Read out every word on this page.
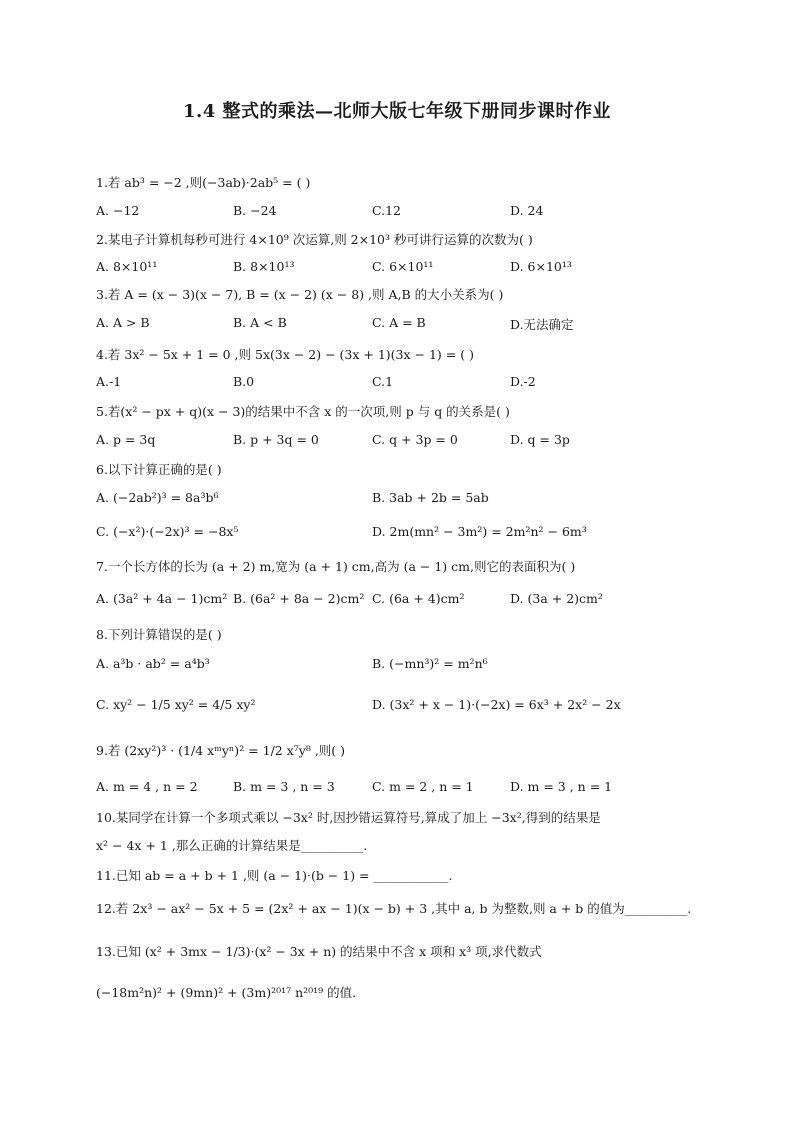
1.4 整式的乘法—北师大版七年级下册同步课时作业
1.若 ab³ = −2 ,则(−3ab)·2ab⁵ = ( )
A. −12	B. −24	C.12	D. 24
2.某电子计算机每秒可进行 4×10⁹ 次运算,则 2×10³ 秒可讲行运算的次数为( )
A. 8×10¹¹	B. 8×10¹³	C. 6×10¹¹	D. 6×10¹³
3.若 A = (x − 3)(x − 7), B = (x − 2) (x − 8) ,则 A,B 的大小关系为( )
A. A > B	B. A < B	C. A = B	D.无法确定
4.若 3x² − 5x + 1 = 0 ,则 5x(3x − 2) − (3x + 1)(3x − 1) = ( )
A.-1	B.0	C.1	D.-2
5.若(x² − px + q)(x − 3)的结果中不含 x 的一次项,则 p 与 q 的关系是( )
A. p = 3q	B. p + 3q = 0	C. q + 3p = 0	D. q = 3p
6.以下计算正确的是( )
A. (−2ab²)³ = 8a³b⁶	B. 3ab + 2b = 5ab
C. (−x²)·(−2x)³ = −8x⁵	D. 2m(mn² − 3m²) = 2m²n² − 6m³
7.一个长方体的长为 (a + 2) m,宽为 (a + 1) cm,高为 (a − 1) cm,则它的表面积为( )
A. (3a² + 4a − 1)cm² B. (6a² + 8a − 2)cm² C. (6a + 4)cm²	D. (3a + 2)cm²
8.下列计算错误的是( )
A. a³b · ab² = a⁴b³	B. (−mn³)² = m²n⁶
C. xy² − 1/5 xy² = 4/5 xy²	D. (3x² + x − 1)·(−2x) = 6x³ + 2x² − 2x
9.若 (2xy²)³ · (1/4 xᵐyⁿ)² = 1/2 x⁷y⁸ ,则( )
A. m = 4 , n = 2	B. m = 3 , n = 3	C. m = 2 , n = 1	D. m = 3 , n = 1
10.某同学在计算一个多项式乘以 −3x² 时,因抄错运算符号,算成了加上 −3x²,得到的结果是
x² − 4x + 1 ,那么正确的计算结果是__________.
11.已知 ab = a + b + 1 ,则 (a − 1)·(b − 1) = ____________.
12.若 2x³ − ax² − 5x + 5 = (2x² + ax − 1)(x − b) + 3 ,其中 a, b 为整数,则 a + b 的值为__________.
13.已知 (x² + 3mx − 1/3)·(x² − 3x + n) 的结果中不含 x 项和 x³ 项,求代数式
(−18m²n)² + (9mn)² + (3m)²⁰¹⁷ n²⁰¹⁹ 的值.
